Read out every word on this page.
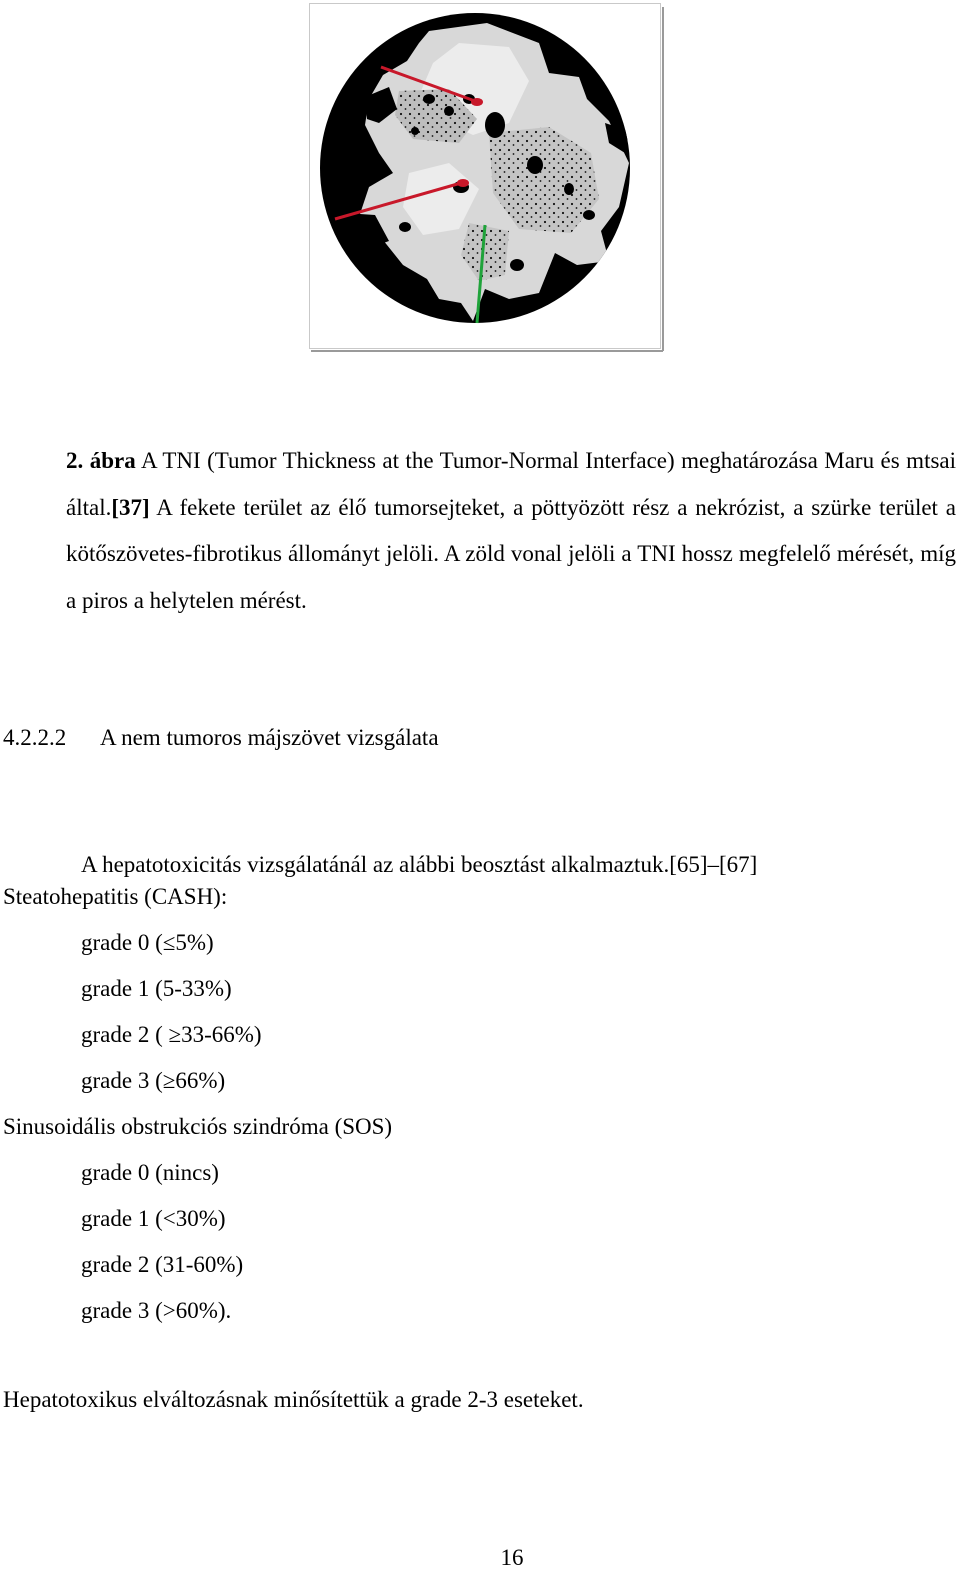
2. ábra A TNI (Tumor Thickness at the Tumor-Normal Interface) meghatározása Maru és mtsai által.[37] A fekete terület az élő tumorsejteket, a pöttyözött rész a nekrózist, a szürke terület a kötőszövetes-fibrotikus állományt jelöli. A zöld vonal jelöli a TNI hossz megfelelő mérését, míg a piros a helytelen mérést.
4.2.2.2 A nem tumoros májszövet vizsgálata
A hepatotoxicitás vizsgálatánál az alábbi beosztást alkalmaztuk.[65]–[67]
Steatohepatitis (CASH):
grade 0 (≤5%)
grade 1 (5-33%)
grade 2 ( ≥33-66%)
grade 3 (≥66%)
Sinusoidális obstrukciós szindróma (SOS)
grade 0 (nincs)
grade 1 (<30%)
grade 2 (31-60%)
grade 3 (>60%).
Hepatotoxikus elváltozásnak minősítettük a grade 2-3 eseteket.
16
